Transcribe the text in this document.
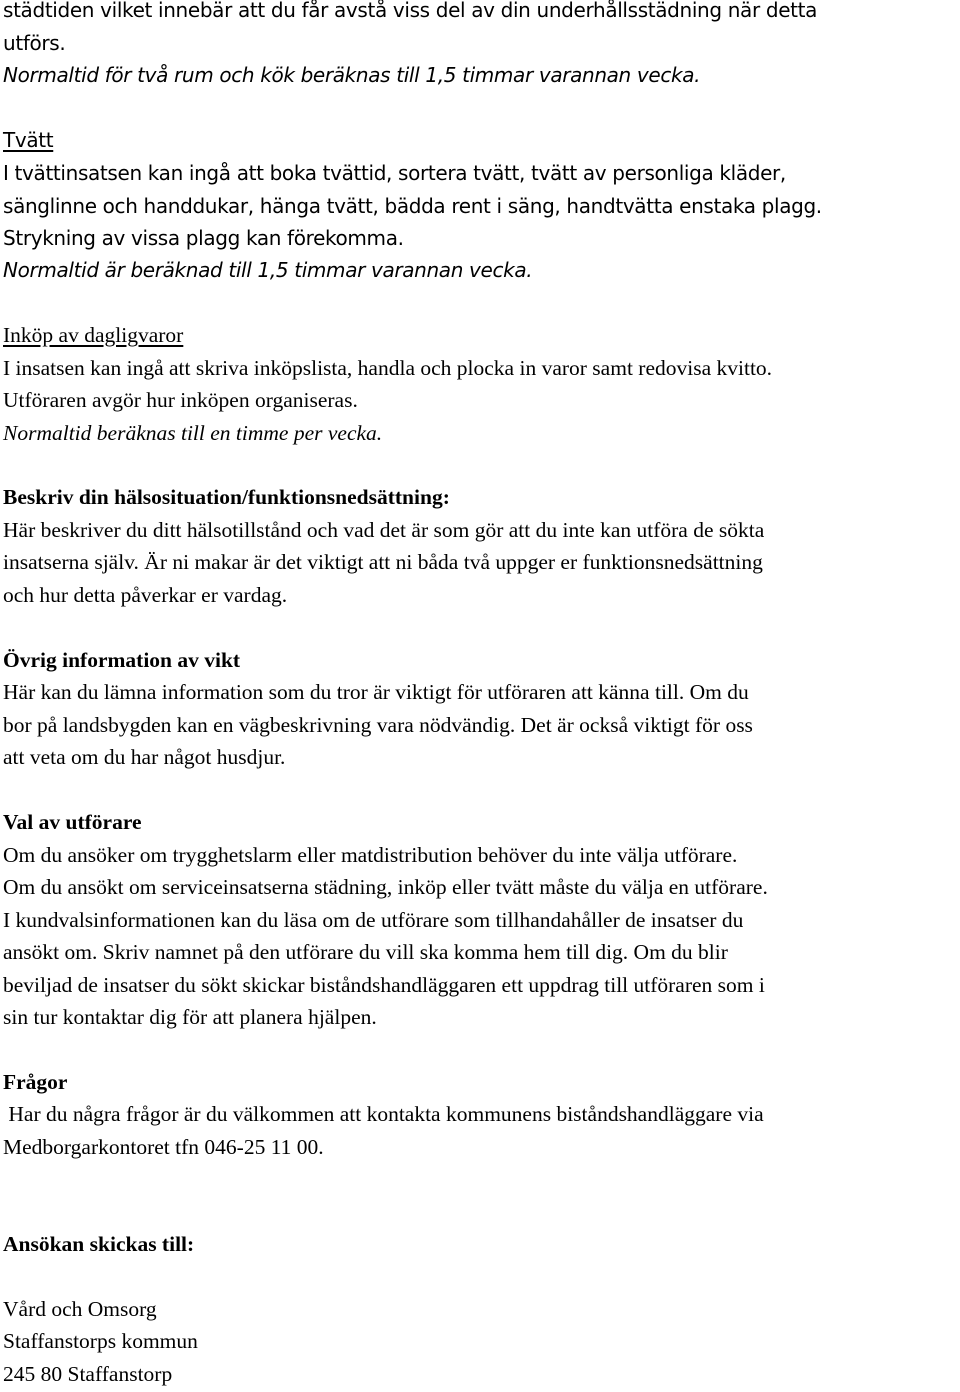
städtiden vilket innebär att du får avstå viss del av din underhållsstädning när detta
utförs.
Normaltid för två rum och kök beräknas till 1,5 timmar varannan vecka.
Tvätt
I tvättinsatsen kan ingå att boka tvättid, sortera tvätt, tvätt av personliga kläder,
sänglinne och handdukar, hänga tvätt, bädda rent i säng, handtvätta enstaka plagg.
Strykning av vissa plagg kan förekomma.
Normaltid är beräknad till 1,5 timmar varannan vecka.
Inköp av dagligvaror
I insatsen kan ingå att skriva inköpslista, handla och plocka in varor samt redovisa kvitto.
Utföraren avgör hur inköpen organiseras.
Normaltid beräknas till en timme per vecka.
Beskriv din hälsosituation/funktionsnedsättning:
Här beskriver du ditt hälsotillstånd och vad det är som gör att du inte kan utföra de sökta
insatserna själv. Är ni makar är det viktigt att ni båda två uppger er funktionsnedsättning
och hur detta påverkar er vardag.
Övrig information av vikt
Här kan du lämna information som du tror är viktigt för utföraren att känna till. Om du
bor på landsbygden kan en vägbeskrivning vara nödvändig. Det är också viktigt för oss
att veta om du har något husdjur.
Val av utförare
Om du ansöker om trygghetslarm eller matdistribution behöver du inte välja utförare.
Om du ansökt om serviceinsatserna städning, inköp eller tvätt måste du välja en utförare.
I kundvalsinformationen kan du läsa om de utförare som tillhandahåller de insatser du
ansökt om. Skriv namnet på den utförare du vill ska komma hem till dig. Om du blir
beviljad de insatser du sökt skickar biståndshandläggaren ett uppdrag till utföraren som i
sin tur kontaktar dig för att planera hjälpen.
Frågor
Har du några frågor är du välkommen att kontakta kommunens biståndshandläggare via
Medborgarkontoret tfn 046-25 11 00.
Ansökan skickas till:
Vård och Omsorg
Staffanstorps kommun
245 80 Staffanstorp
